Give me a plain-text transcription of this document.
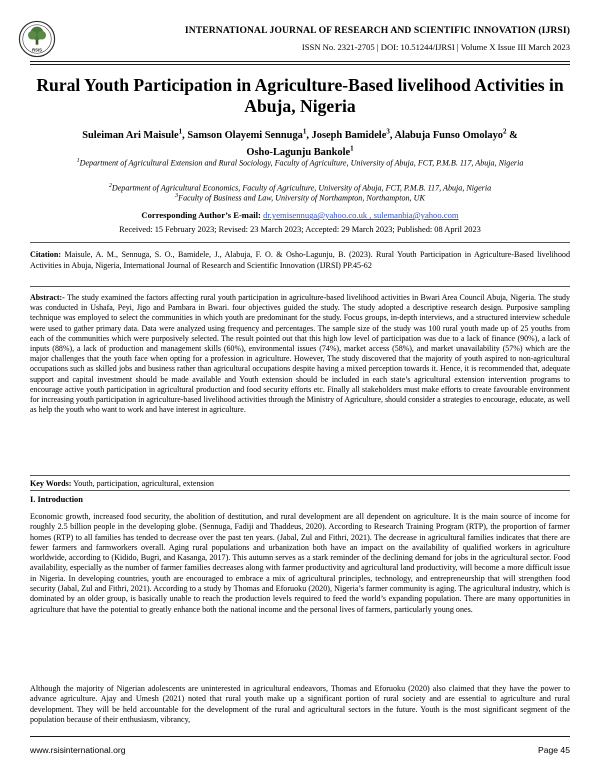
RSIS
INTERNATIONAL JOURNAL OF RESEARCH AND SCIENTIFIC INNOVATION (IJRSI)
ISSN No. 2321-2705 | DOI: 10.51244/IJRSI | Volume X Issue III March 2023
Rural Youth Participation in Agriculture-Based livelihood Activities in Abuja, Nigeria
Suleiman Ari Maisule$^1$, Samson Olayemi Sennuga$^1$, Joseph Bamidele$^3$, Alabuja Funso Omolayo$^2$ &
Osho-Lagunju Bankole$^1$
$^1$Department of Agricultural Extension and Rural Sociology, Faculty of Agriculture, University of Abuja, FCT, P.M.B. 117, Abuja, Nigeria
$^2$Department of Agricultural Economics, Faculty of Agriculture, University of Abuja, FCT, P.M.B. 117, Abuja, Nigeria
$^3$Faculty of Business and Law, University of Northampton, Northampton, UK
Corresponding Author’s E-mail: dr.yemisennuga@yahoo.co.uk , sulemanbia@yahoo.com
Received: 15 February 2023; Revised: 23 March 2023; Accepted: 29 March 2023; Published: 08 April 2023
Citation: Maisule, A. M., Sennuga, S. O., Bamidele, J., Alabuja, F. O. & Osho-Lagunju, B. (2023). Rural Youth Participation in Agriculture-Based livelihood Activities in Abuja, Nigeria, International Journal of Research and Scientific Innovation (IJRSI) PP.45-62
Abstract:- The study examined the factors affecting rural youth participation in agriculture-based livelihood activities in Bwari Area Council Abuja, Nigeria. The study was conducted in Ushafa, Peyi, Jigo and Pambara in Bwari. four objectives guided the study. The study adopted a descriptive research design. Purposive sampling technique was employed to select the communities in which youth are predominant for the study. Focus groups, in-depth interviews, and a structured interview schedule were used to gather primary data. Data were analyzed using frequency and percentages. The sample size of the study was 100 rural youth made up of 25 youths from each of the communities which were purposively selected. The result pointed out that this high low level of participation was due to a lack of finance (90%), a lack of inputs (88%), a lack of production and management skills (60%), environmental issues (74%), market access (58%), and market unavailability (57%) which are the major challenges that the youth face when opting for a profession in agriculture. However, The study discovered that the majority of youth aspired to non-agricultural occupations such as skilled jobs and business rather than agricultural occupations despite having a mixed perception towards it. Hence, it is recommended that, adequate support and capital investment should be made available and Youth extension should be included in each state’s agricultural extension intervention programs to encourage active youth participation in agricultural production and food security efforts etc. Finally all stakeholders must make efforts to create favourable environment for increasing youth participation in agriculture-based livelihood activities through the Ministry of Agriculture, should consider a strategies to encourage, educate, as well as help the youth who want to work and have interest in agriculture.
Key Words: Youth, participation, agricultural, extension
I. Introduction
Economic growth, increased food security, the abolition of destitution, and rural development are all dependent on agriculture. It is the main source of income for roughly 2.5 billion people in the developing globe. (Sennuga, Fadiji and Thaddeus, 2020). According to Research Training Program (RTP), the proportion of farmer homes (RTP) to all families has tended to decrease over the past ten years. (Jabal, Zul and Fithri, 2021). The decrease in agricultural families indicates that there are fewer farmers and farmworkers overall. Aging rural populations and urbanization both have an impact on the availability of qualified workers in agriculture worldwide, according to (Kidido, Bugri, and Kasanga, 2017). This autumn serves as a stark reminder of the declining demand for jobs in the agricultural sector. Food availability, especially as the number of farmer families decreases along with farmer productivity and agricultural land productivity, will become a more difficult issue in Nigeria. In developing countries, youth are encouraged to embrace a mix of agricultural principles, technology, and entrepreneurship that will strengthen food security (Jabal, Zul and Fithri, 2021). According to a study by Thomas and Eforuoku (2020), Nigeria’s farmer community is aging. The agricultural industry, which is dominated by an older group, is basically unable to reach the production levels required to feed the world’s expanding population. There are many opportunities in agriculture that have the potential to greatly enhance both the national income and the personal lives of farmers, particularly young ones.
Although the majority of Nigerian adolescents are uninterested in agricultural endeavors, Thomas and Eforuoku (2020) also claimed that they have the power to advance agriculture. Ajay and Umesh (2021) noted that rural youth make up a significant portion of rural society and are essential to agriculture and rural development. They will be held accountable for the development of the rural and agricultural sectors in the future. Youth is the most significant segment of the population because of their enthusiasm, vibrancy,
www.rsisinternational.org	Page 45
